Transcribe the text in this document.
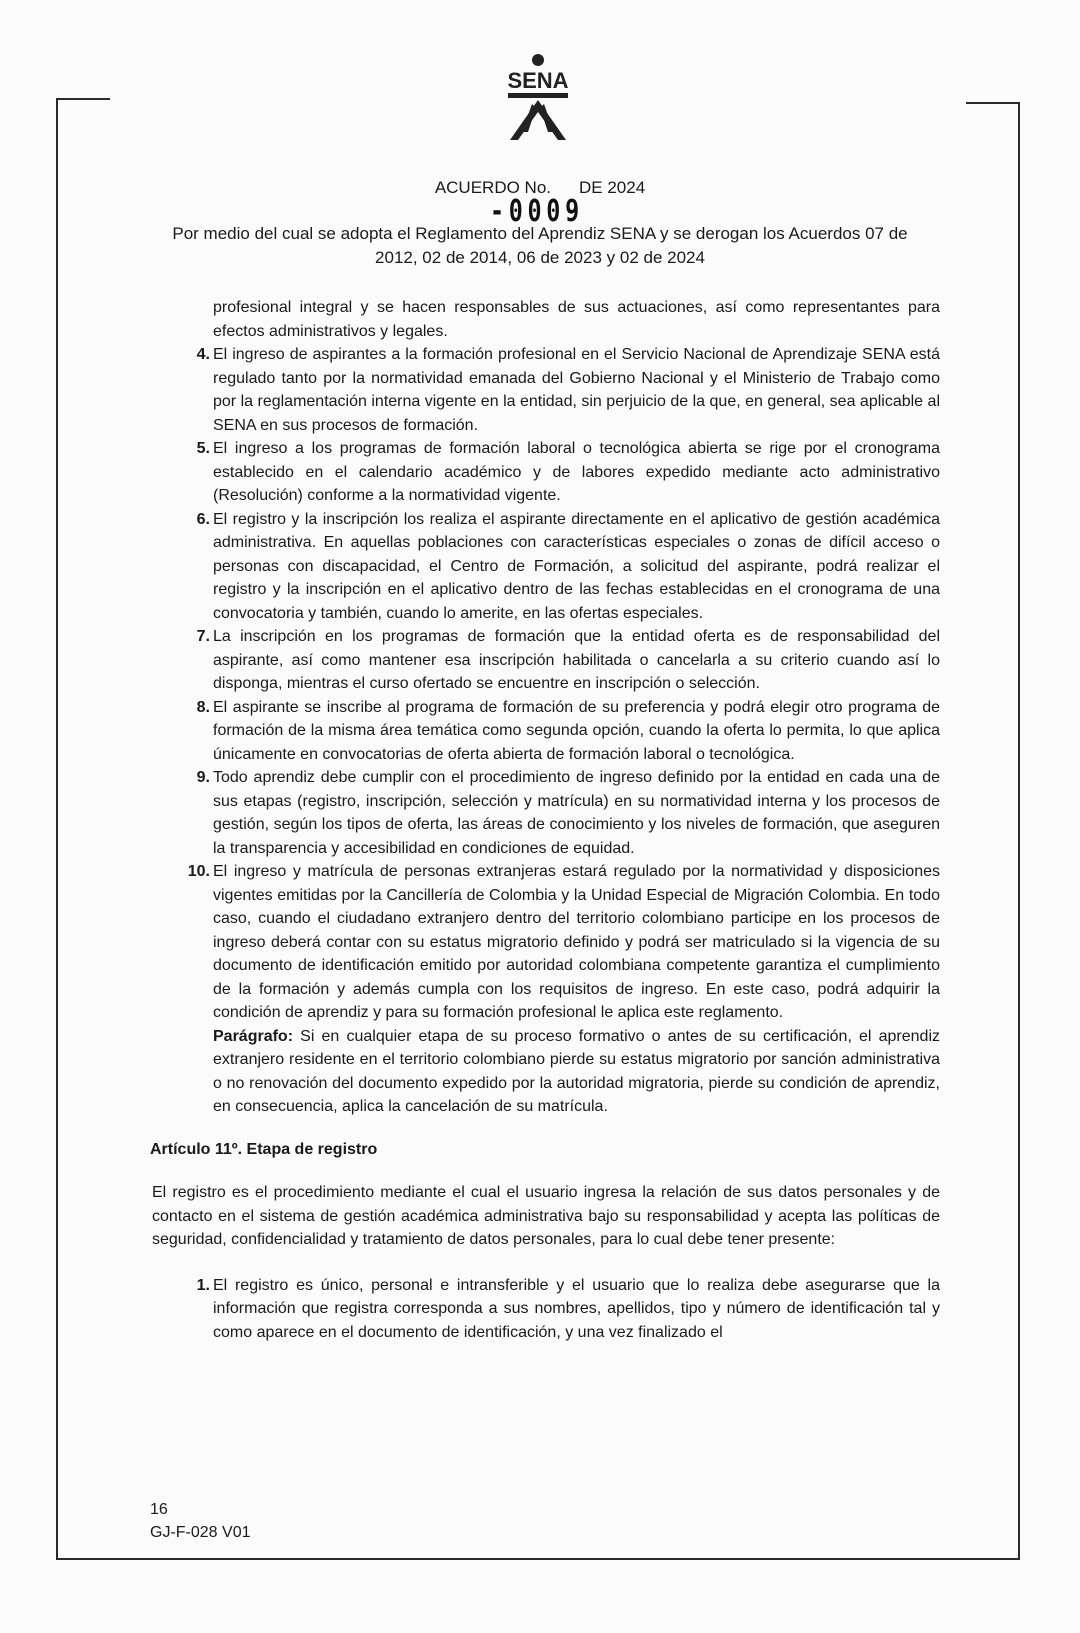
SENA
ACUERDO No. DE 2024
Por medio del cual se adopta el Reglamento del Aprendiz SENA y se derogan los Acuerdos 07 de
2012, 02 de 2014, 06 de 2023 y 02 de 2024
-0009

profesional integral y se hacen responsables de sus actuaciones, así como representantes para efectos administrativos y legales.

4. El ingreso de aspirantes a la formación profesional en el Servicio Nacional de Aprendizaje SENA está regulado tanto por la normatividad emanada del Gobierno Nacional y el Ministerio de Trabajo como por la reglamentación interna vigente en la entidad, sin perjuicio de la que, en general, sea aplicable al SENA en sus procesos de formación.
5. El ingreso a los programas de formación laboral o tecnológica abierta se rige por el cronograma establecido en el calendario académico y de labores expedido mediante acto administrativo (Resolución) conforme a la normatividad vigente.
6. El registro y la inscripción los realiza el aspirante directamente en el aplicativo de gestión académica administrativa. En aquellas poblaciones con características especiales o zonas de difícil acceso o personas con discapacidad, el Centro de Formación, a solicitud del aspirante, podrá realizar el registro y la inscripción en el aplicativo dentro de las fechas establecidas en el cronograma de una convocatoria y también, cuando lo amerite, en las ofertas especiales.
7. La inscripción en los programas de formación que la entidad oferta es de responsabilidad del aspirante, así como mantener esa inscripción habilitada o cancelarla a su criterio cuando así lo disponga, mientras el curso ofertado se encuentre en inscripción o selección.
8. El aspirante se inscribe al programa de formación de su preferencia y podrá elegir otro programa de formación de la misma área temática como segunda opción, cuando la oferta lo permita, lo que aplica únicamente en convocatorias de oferta abierta de formación laboral o tecnológica.
9. Todo aprendiz debe cumplir con el procedimiento de ingreso definido por la entidad en cada una de sus etapas (registro, inscripción, selección y matrícula) en su normatividad interna y los procesos de gestión, según los tipos de oferta, las áreas de conocimiento y los niveles de formación, que aseguren la transparencia y accesibilidad en condiciones de equidad.
10. El ingreso y matrícula de personas extranjeras estará regulado por la normatividad y disposiciones vigentes emitidas por la Cancillería de Colombia y la Unidad Especial de Migración Colombia. En todo caso, cuando el ciudadano extranjero dentro del territorio colombiano participe en los procesos de ingreso deberá contar con su estatus migratorio definido y podrá ser matriculado si la vigencia de su documento de identificación emitido por autoridad colombiana competente garantiza el cumplimiento de la formación y además cumpla con los requisitos de ingreso. En este caso, podrá adquirir la condición de aprendiz y para su formación profesional le aplica este reglamento.

Parágrafo: Si en cualquier etapa de su proceso formativo o antes de su certificación, el aprendiz extranjero residente en el territorio colombiano pierde su estatus migratorio por sanción administrativa o no renovación del documento expedido por la autoridad migratoria, pierde su condición de aprendiz, en consecuencia, aplica la cancelación de su matrícula.

Artículo 11º. Etapa de registro
El registro es el procedimiento mediante el cual el usuario ingresa la relación de sus datos personales y de contacto en el sistema de gestión académica administrativa bajo su responsabilidad y acepta las políticas de seguridad, confidencialidad y tratamiento de datos personales, para lo cual debe tener presente:
1. El registro es único, personal e intransferible y el usuario que lo realiza debe asegurarse que la información que registra corresponda a sus nombres, apellidos, tipo y número de identificación tal y como aparece en el documento de identificación, y una vez finalizado el
16
GJ-F-028 V01
